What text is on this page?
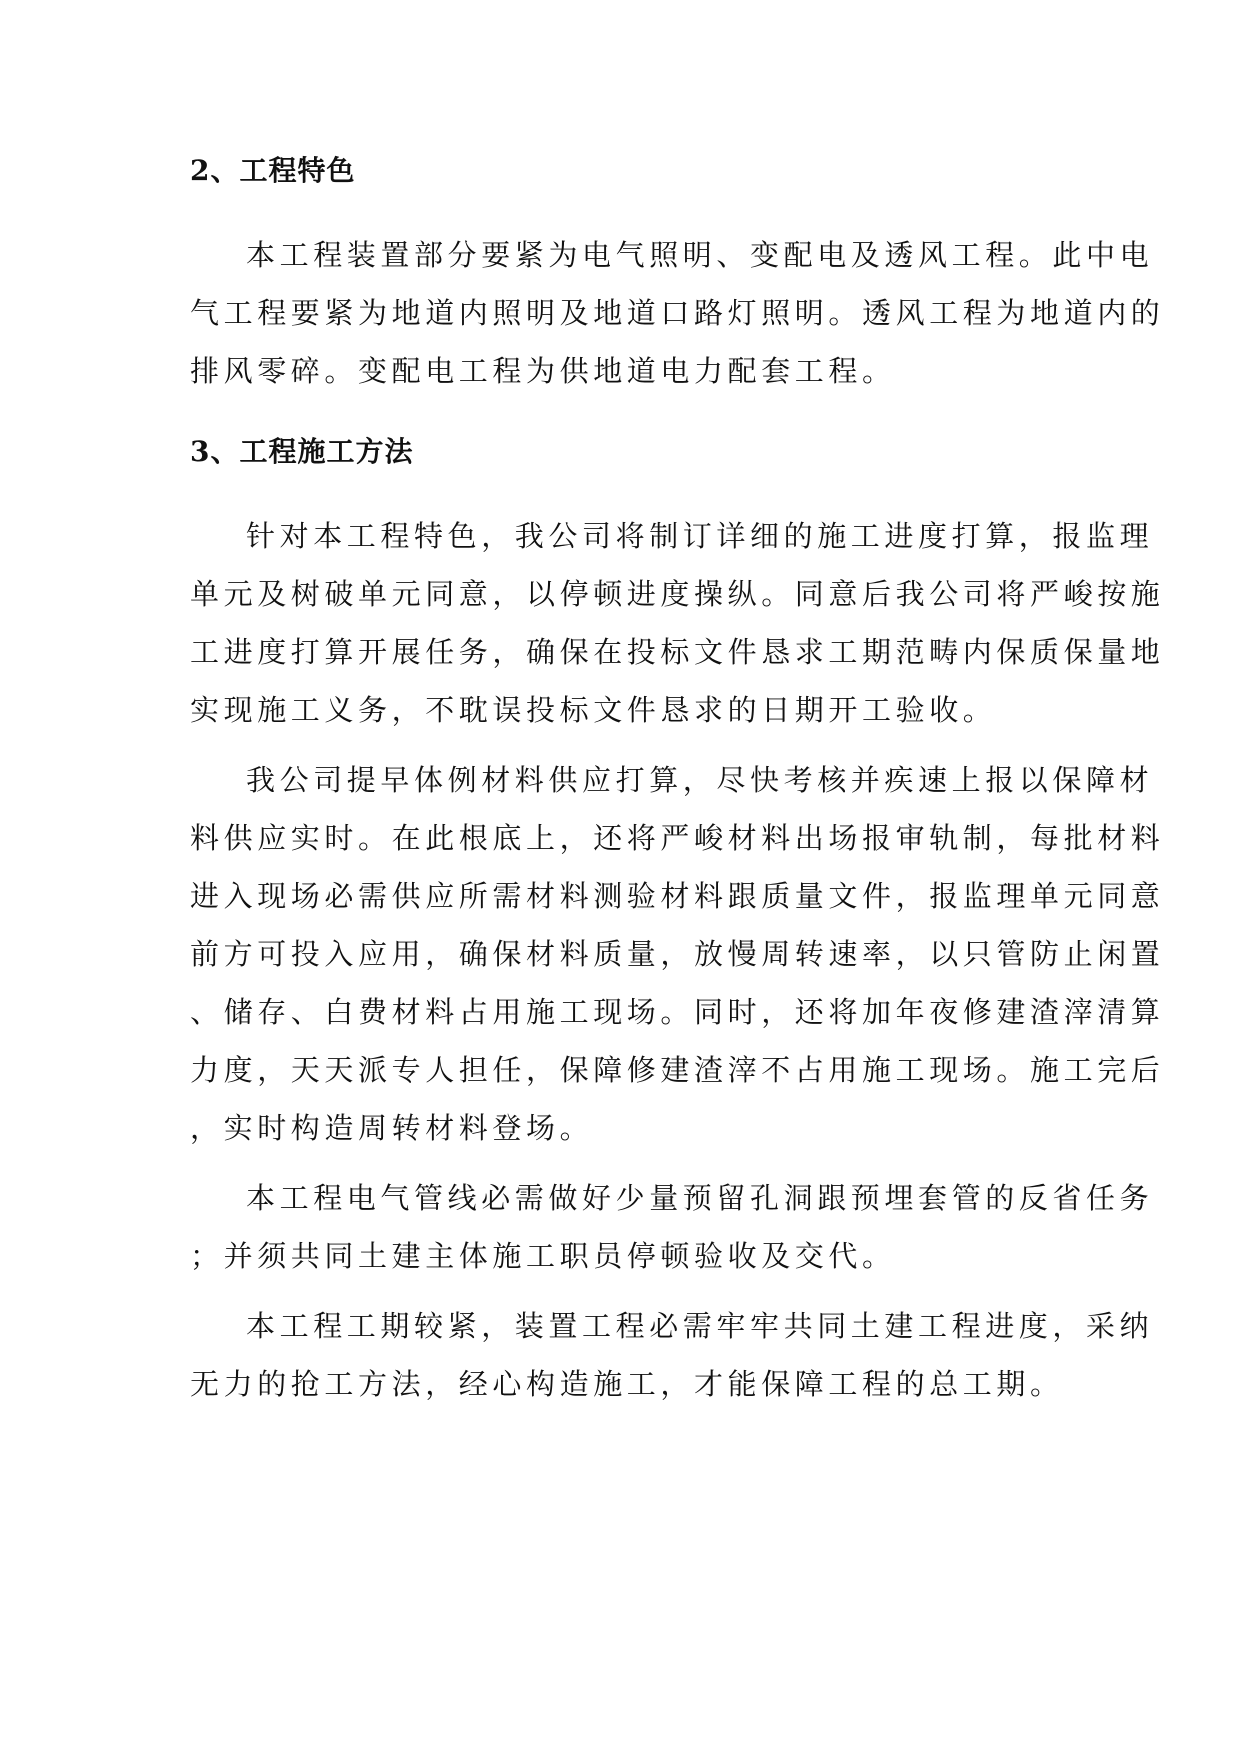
2、工程特色
本工程装置部分要紧为电气照明、变配电及透风工程。此中电
气工程要紧为地道内照明及地道口路灯照明。透风工程为地道内的
排风零碎。变配电工程为供地道电力配套工程。
3、工程施工方法
针对本工程特色，我公司将制订详细的施工进度打算，报监理
单元及树破单元同意，以停顿进度操纵。同意后我公司将严峻按施
工进度打算开展任务，确保在投标文件恳求工期范畴内保质保量地
实现施工义务，不耽误投标文件恳求的日期开工验收。
我公司提早体例材料供应打算，尽快考核并疾速上报以保障材
料供应实时。在此根底上，还将严峻材料出场报审轨制，每批材料
进入现场必需供应所需材料测验材料跟质量文件，报监理单元同意
前方可投入应用，确保材料质量，放慢周转速率，以只管防止闲置
、储存、白费材料占用施工现场。同时，还将加年夜修建渣滓清算
力度，天天派专人担任，保障修建渣滓不占用施工现场。施工完后
，实时构造周转材料登场。
本工程电气管线必需做好少量预留孔洞跟预埋套管的反省任务
；并须共同土建主体施工职员停顿验收及交代。
本工程工期较紧，装置工程必需牢牢共同土建工程进度，采纳
无力的抢工方法，经心构造施工，才能保障工程的总工期。
